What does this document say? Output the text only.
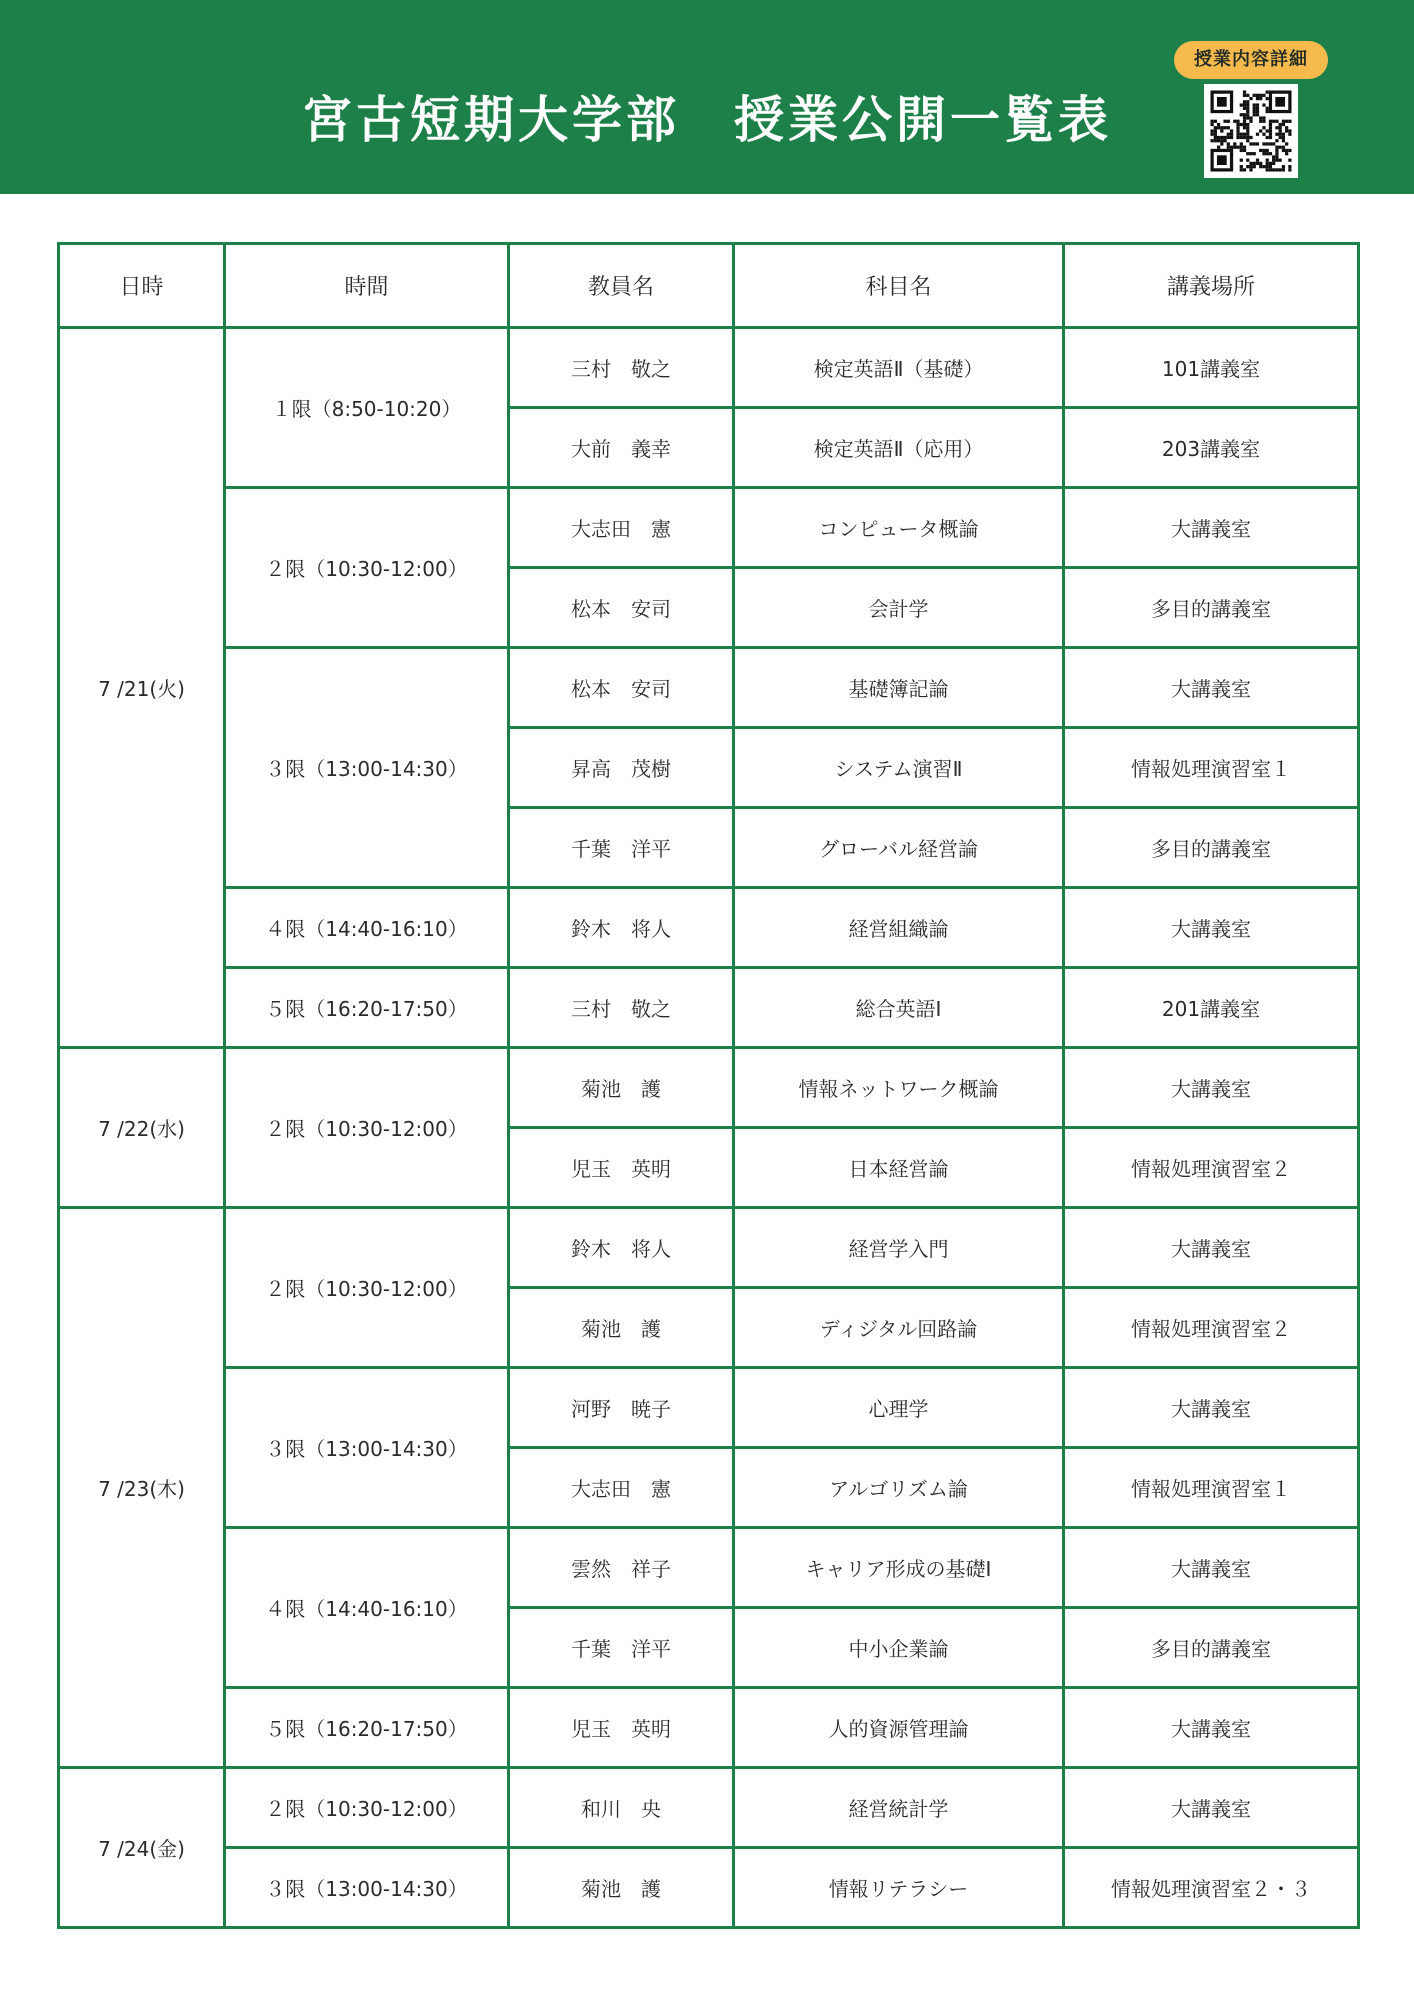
宮古短期大学部　授業公開一覧表
授業内容詳細
日時	時間	教員名	科目名	講義場所
7 /21(火)	１限（8:50-10:20）	三村　敬之	検定英語Ⅱ（基礎）	101講義室
		大前　義幸	検定英語Ⅱ（応用）	203講義室
	２限（10:30-12:00）	大志田　憲	コンピュータ概論	大講義室
		松本　安司	会計学	多目的講義室
	３限（13:00-14:30）	松本　安司	基礎簿記論	大講義室
		昇高　茂樹	システム演習Ⅱ	情報処理演習室１
		千葉　洋平	グローバル経営論	多目的講義室
	４限（14:40-16:10）	鈴木　将人	経営組織論	大講義室
	５限（16:20-17:50）	三村　敬之	総合英語Ⅰ	201講義室
7 /22(水)	２限（10:30-12:00）	菊池　護	情報ネットワーク概論	大講義室
		児玉　英明	日本経営論	情報処理演習室２
7 /23(木)	２限（10:30-12:00）	鈴木　将人	経営学入門	大講義室
		菊池　護	ディジタル回路論	情報処理演習室２
	３限（13:00-14:30）	河野　暁子	心理学	大講義室
		大志田　憲	アルゴリズム論	情報処理演習室１
	４限（14:40-16:10）	雲然　祥子	キャリア形成の基礎Ⅰ	大講義室
		千葉　洋平	中小企業論	多目的講義室
	５限（16:20-17:50）	児玉　英明	人的資源管理論	大講義室
7 /24(金)	２限（10:30-12:00）	和川　央	経営統計学	大講義室
	３限（13:00-14:30）	菊池　護	情報リテラシー	情報処理演習室２・３
